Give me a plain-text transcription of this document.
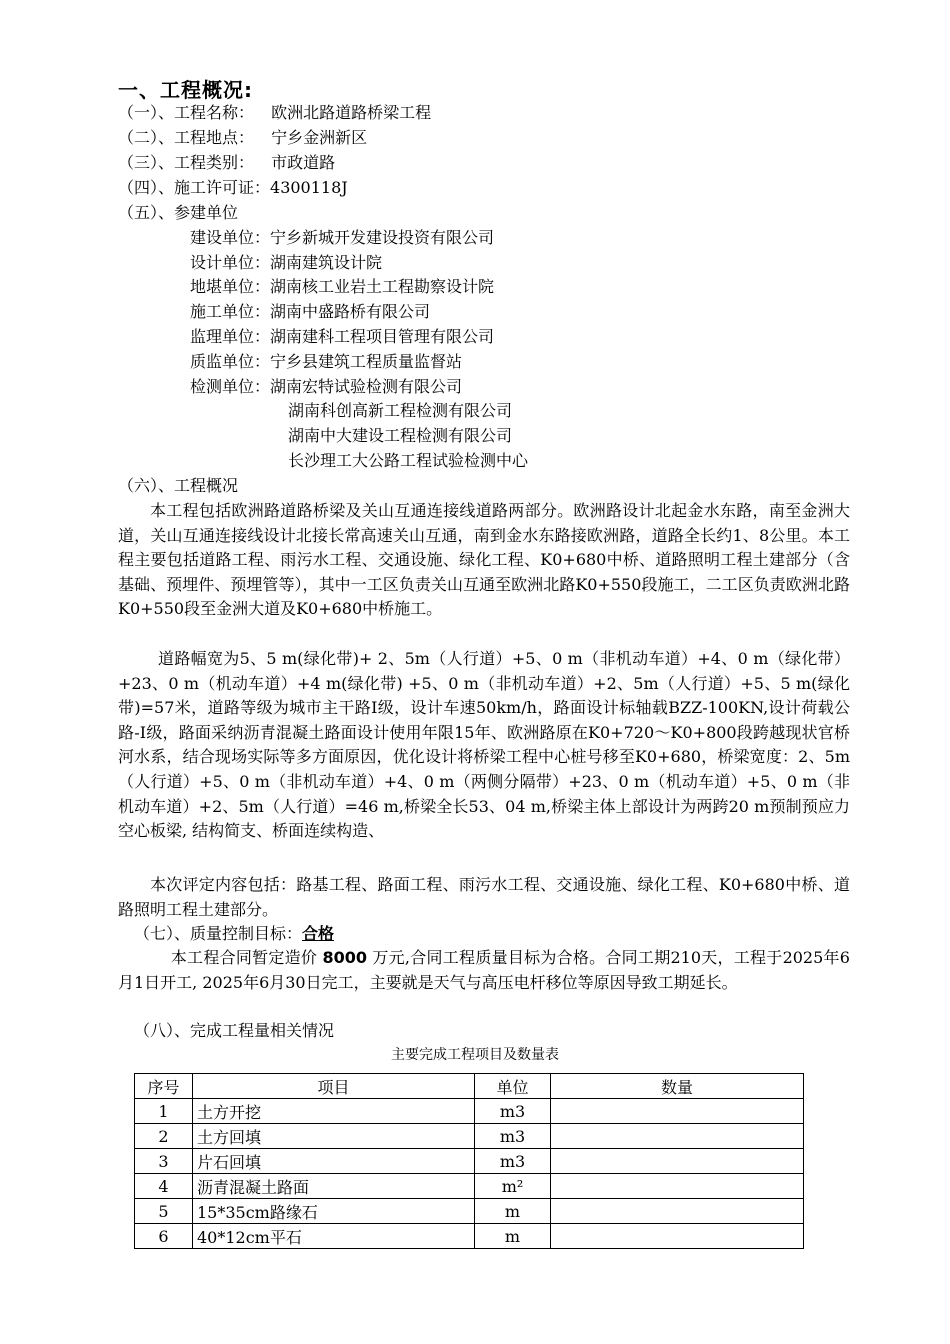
一、工程概况:
（一）、工程名称： 欧洲北路道路桥梁工程
（二）、工程地点： 宁乡金洲新区
（三）、工程类别： 市政道路
（四）、施工许可证：4300118J
（五）、参建单位
建设单位：宁乡新城开发建设投资有限公司
设计单位：湖南建筑设计院
地堪单位：湖南核工业岩土工程勘察设计院
施工单位：湖南中盛路桥有限公司
监理单位：湖南建科工程项目管理有限公司
质监单位：宁乡县建筑工程质量监督站
检测单位：湖南宏特试验检测有限公司
湖南科创高新工程检测有限公司
湖南中大建设工程检测有限公司
长沙理工大公路工程试验检测中心
（六）、工程概况

本工程包括欧洲路道路桥梁及关山互通连接线道路两部分。欧洲路设计北起金水东路，南至金洲大道，关山互通连接线设计北接长常高速关山互通，南到金水东路接欧洲路，道路全长约1、8公里。本工程主要包括道路工程、雨污水工程、交通设施、绿化工程、K0+680中桥、道路照明工程土建部分（含基础、预埋件、预埋管等），其中一工区负责关山互通至欧洲北路K0+550段施工，二工区负责欧洲北路K0+550段至金洲大道及K0+680中桥施工。

道路幅宽为5、5 m(绿化带)+ 2、5m（人行道）+5、0 m（非机动车道）+4、0 m（绿化带）+23、0 m（机动车道）+4 m(绿化带) +5、0 m（非机动车道）+2、5m（人行道）+5、5 m(绿化带)=57米，道路等级为城市主干路Ⅰ级，设计车速50km/h，路面设计标轴载BZZ-100KN,设计荷载公路-Ⅰ级，路面采纳沥青混凝土路面设计使用年限15年、欧洲路原在K0+720～K0+800段跨越现状官桥河水系，结合现场实际等多方面原因，优化设计将桥梁工程中心桩号移至K0+680，桥梁宽度：2、5m（人行道）+5、0 m（非机动车道）+4、0 m（两侧分隔带）+23、0 m（机动车道）+5、0 m（非机动车道）+2、5m（人行道）=46 m,桥梁全长53、04 m,桥梁主体上部设计为两跨20 m预制预应力空心板梁, 结构简支、桥面连续构造、

本次评定内容包括：路基工程、路面工程、雨污水工程、交通设施、绿化工程、K0+680中桥、道路照明工程土建部分。

（七）、质量控制目标：合格

本工程合同暂定造价 8000 万元,合同工程质量目标为合格。合同工期210天，工程于2025年6月1日开工, 2025年6月30日完工，主要就是天气与高压电杆移位等原因导致工期延长。

（八）、完成工程量相关情况
主要完成工程项目及数量表
序号	项目	单位	数量
1	土方开挖	m3	
2	土方回填	m3	
3	片石回填	m3	
4	沥青混凝土路面	m²	
5	15*35cm路缘石	m	
6	40*12cm平石	m	
